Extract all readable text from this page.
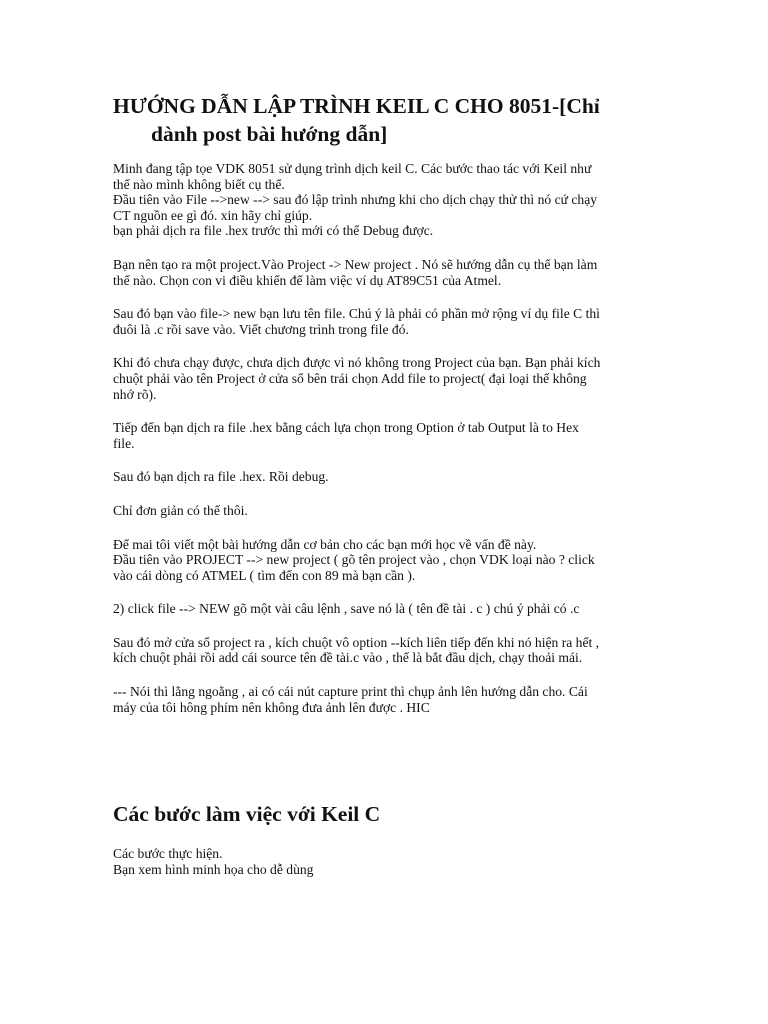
HƯỚNG DẪN LẬP TRÌNH KEIL C CHO 8051-[Chỉ

dành post bài hướng dẫn]
Minh đang tập tọe VDK 8051 sử dụng trình dịch keil C. Các bước thao tác với Keil như
thế nào mình không biết cụ thể.
Đầu tiên vào File -->new --> sau đó lập trình nhưng khi cho dịch chạy thử thì nó cứ chạy
CT nguồn ee gì đó. xin hãy chỉ giúp.
bạn phải dịch ra file .hex trước thì mới có thể Debug được.
Bạn nên tạo ra một project.Vào Project -> New project . Nó sẽ hướng dẫn cụ thể bạn làm
thế nào. Chọn con vi điều khiển để làm việc ví dụ AT89C51 của Atmel.
Sau đó bạn vào file-> new bạn lưu tên file. Chú ý là phải có phần mở rộng ví dụ file C thì
đuôi là .c rồi save vào. Viết chương trình trong file đó.
Khi đó chưa chạy được, chưa dịch được vì nó không trong Project của bạn. Bạn phải kích
chuột phải vào tên Project ở cửa sổ bên trái chọn Add file to project( đại loại thế không
nhớ rõ).
Tiếp đến bạn dịch ra file .hex bằng cách lựa chọn trong Option ở tab Output là to Hex
file.
Sau đó bạn dịch ra file .hex. Rồi debug.
Chỉ đơn giản có thế thôi.
Để mai tôi viết một bài hướng dẫn cơ bản cho các bạn mới học về vấn đề này.
Đầu tiên vào PROJECT --> new project ( gõ tên project vào , chọn VDK loại nào ? click
vào cái dòng có ATMEL ( tìm đến con 89 mà bạn cần ).
2) click file --> NEW gõ một vài câu lệnh , save nó là ( tên đề tài . c ) chú ý phải có .c
Sau đó mở cửa sổ project ra , kích chuột vô option --kích liên tiếp đến khi nó hiện ra hết ,
kích chuột phải rồi add cái source tên đề tài.c vào , thế là bắt đầu dịch, chạy thoải mái.
--- Nói thì lằng ngoằng , ai có cái nút capture print thì chụp ảnh lên hướng dẫn cho. Cái
máy của tôi hông phím nên không đưa ảnh lên được . HIC
Các bước làm việc với Keil C
Các bước thực hiện.
Bạn xem hình minh họa cho dễ dùng
